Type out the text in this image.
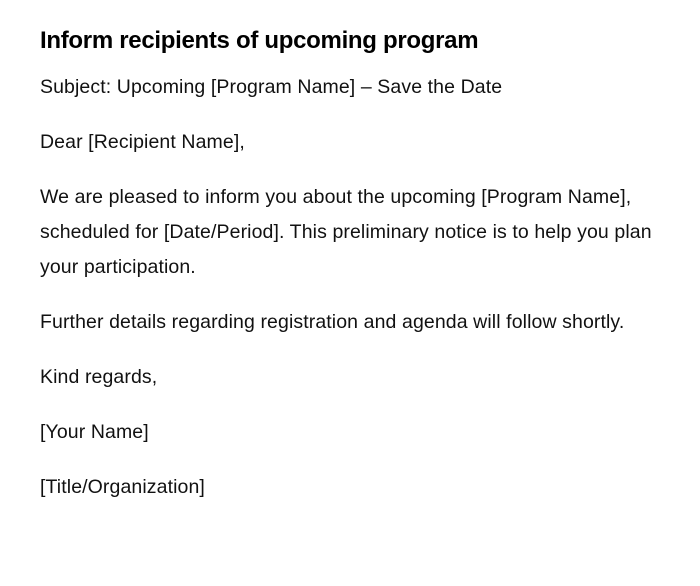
Inform recipients of upcoming program

Subject: Upcoming [Program Name] – Save the Date

Dear [Recipient Name],

We are pleased to inform you about the upcoming [Program Name], scheduled for [Date/Period]. This preliminary notice is to help you plan your participation.

Further details regarding registration and agenda will follow shortly.

Kind regards,

[Your Name]

[Title/Organization]
